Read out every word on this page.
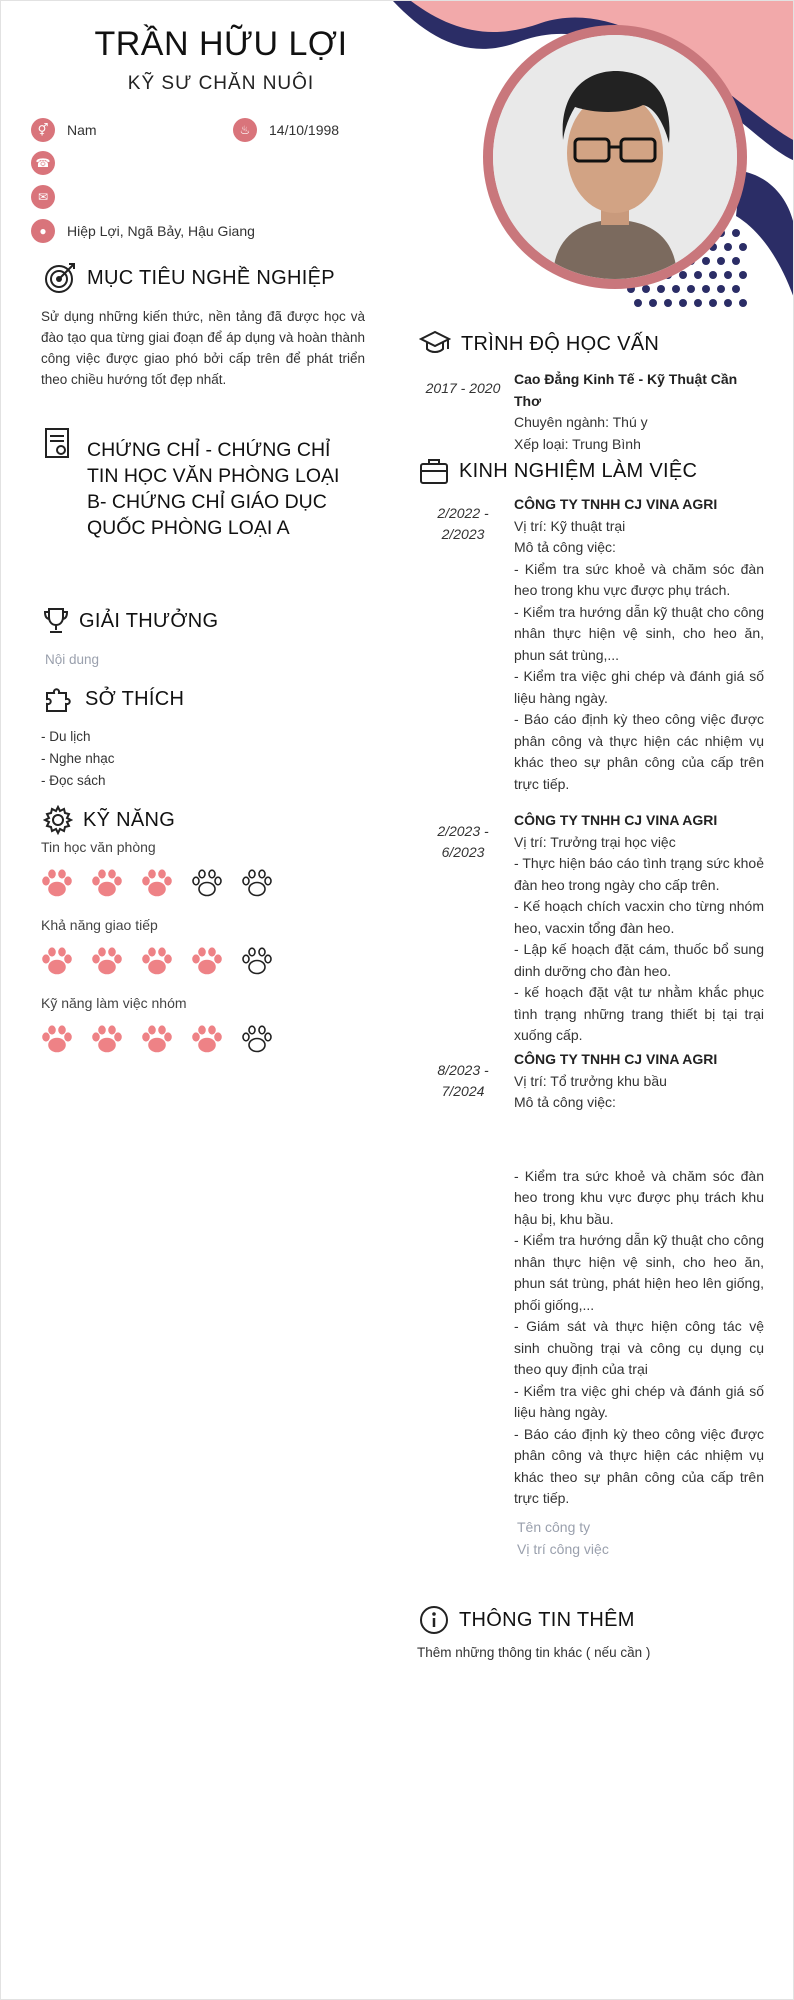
TRẦN HỮU LỢI
KỸ SƯ CHĂN NUÔI
⚥	Nam	♨	14/10/1998
☎
✉
●	Hiệp Lợi, Ngã Bảy, Hậu Giang
MỤC TIÊU NGHỀ NGHIỆP
Sử dụng những kiến thức, nền tảng đã được học và đào tạo qua từng giai đoạn để áp dụng và hoàn thành công việc được giao phó bởi cấp trên để phát triển theo chiều hướng tốt đẹp nhất.
CHỨNG CHỈ - CHỨNG CHỈ TIN HỌC VĂN PHÒNG LOẠI B- CHỨNG CHỈ GIÁO DỤC QUỐC PHÒNG LOẠI A
GIẢI THƯỞNG
Nội dung
SỞ THÍCH
- Du lịch
- Nghe nhạc
- Đọc sách
KỸ NĂNG
Tin học văn phòng
Khả năng giao tiếp
Kỹ năng làm việc nhóm
TRÌNH ĐỘ HỌC VẤN
2017 - 2020
Cao Đẳng Kinh Tế - Kỹ Thuật Cần Thơ
Chuyên ngành: Thú y
Xếp loại: Trung Bình
KINH NGHIỆM LÀM VIỆC
2/2022 -
2/2023
CÔNG TY TNHH CJ VINA AGRI
Vị trí: Kỹ thuật trại
Mô tả công việc:
- Kiểm tra sức khoẻ và chăm sóc đàn heo trong khu vực được phụ trách.
- Kiểm tra hướng dẫn kỹ thuật cho công nhân thực hiện vệ sinh, cho heo ăn, phun sát trùng,...
- Kiểm tra việc ghi chép và đánh giá số liệu hàng ngày.
- Báo cáo định kỳ theo công việc được phân công và thực hiện các nhiệm vụ khác theo sự phân công của cấp trên trực tiếp.
2/2023 -
6/2023
CÔNG TY TNHH CJ VINA AGRI
Vị trí: Trưởng trại học việc
- Thực hiện báo cáo tình trạng sức khoẻ đàn heo trong ngày cho cấp trên.
- Kế hoạch chích vacxin cho từng nhóm heo, vacxin tổng đàn heo.
- Lập kế hoạch đặt cám, thuốc bổ sung dinh dưỡng cho đàn heo.
- kế hoạch đặt vật tư nhằm khắc phục tình trạng những trang thiết bị tại trại xuống cấp.
8/2023 -
7/2024
CÔNG TY TNHH CJ VINA AGRI
Vị trí: Tổ trưởng khu bầu
Mô tả công việc:
- Kiểm tra sức khoẻ và chăm sóc đàn heo trong khu vực được phụ trách khu hậu bị, khu bầu.
- Kiểm tra hướng dẫn kỹ thuật cho công nhân thực hiện vệ sinh, cho heo ăn, phun sát trùng, phát hiện heo lên giống, phối giống,...
- Giám sát và thực hiện công tác vệ sinh chuồng trại và công cụ dụng cụ theo quy định của trại
- Kiểm tra việc ghi chép và đánh giá số liệu hàng ngày.
- Báo cáo định kỳ theo công việc được phân công và thực hiện các nhiệm vụ khác theo sự phân công của cấp trên trực tiếp.
Tên công ty
Vị trí công việc
THÔNG TIN THÊM
Thêm những thông tin khác ( nếu cần )
